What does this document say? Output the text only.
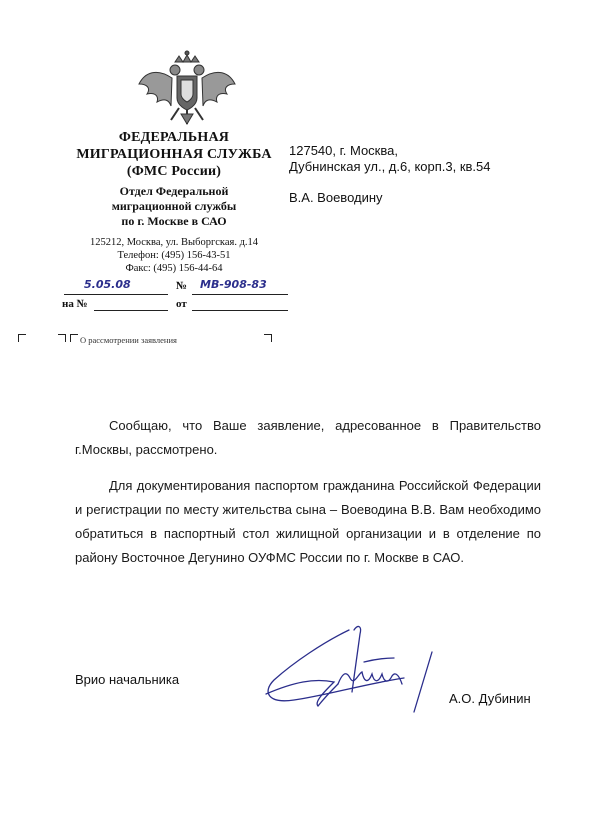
ФЕДЕРАЛЬНАЯ
МИГРАЦИОННАЯ СЛУЖБА
(ФМС России)
Отдел Федеральной
миграционной службы
по г. Москве в САО
125212, Москва, ул. Выборгская. д.14
Телефон: (495) 156-43-51
Факс: (495) 156-44-64
5.05.08	№ МВ-908-83
на №	от
О рассмотрении заявления
127540, г. Москва,
Дубнинская ул., д.6, корп.3, кв.54
В.А. Воеводину

Сообщаю, что Ваше заявление, адресованное в Правительство г.Москвы, рассмотрено.

Для документирования паспортом гражданина Российской Федерации и регистрации по месту жительства сына – Воеводина В.В. Вам необходимо обратиться в паспортный стол жилищной организации и в отделение по району Восточное Дегунино ОУФМС России по г. Москве в САО.

Врио начальника
А.О. Дубинин
